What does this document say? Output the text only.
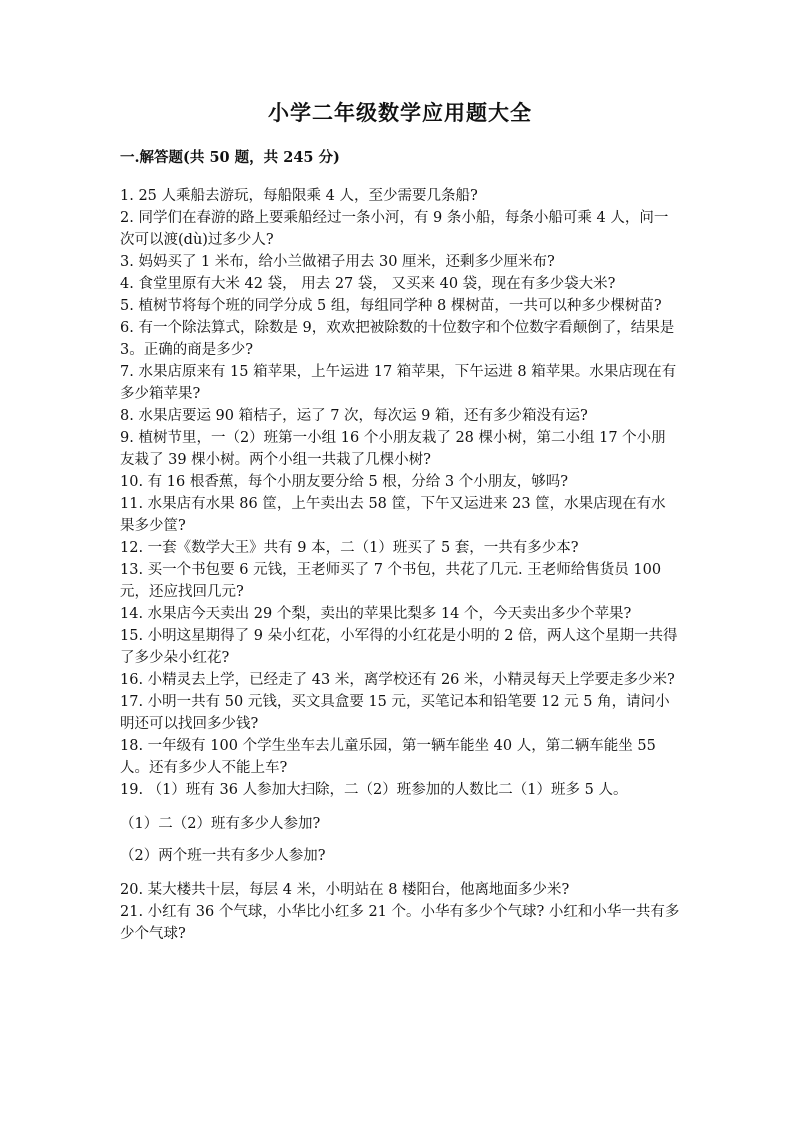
小学二年级数学应用题大全
一.解答题(共 50 题，共 245 分)

1. 25 人乘船去游玩，每船限乘 4 人，至少需要几条船?

2. 同学们在春游的路上要乘船经过一条小河，有 9 条小船，每条小船可乘 4 人，问一次可以渡(dù)过多少人?

3. 妈妈买了 1 米布，给小兰做裙子用去 30 厘米，还剩多少厘米布?

4. 食堂里原有大米 42 袋， 用去 27 袋， 又买来 40 袋，现在有多少袋大米?

5. 植树节将每个班的同学分成 5 组，每组同学种 8 棵树苗，一共可以种多少棵树苗?

6. 有一个除法算式，除数是 9，欢欢把被除数的十位数字和个位数字看颠倒了，结果是 3。正确的商是多少?

7. 水果店原来有 15 箱苹果，上午运进 17 箱苹果，下午运进 8 箱苹果。水果店现在有多少箱苹果?

8. 水果店要运 90 箱桔子，运了 7 次，每次运 9 箱，还有多少箱没有运?

9. 植树节里，一（2）班第一小组 16 个小朋友栽了 28 棵小树，第二小组 17 个小朋友栽了 39 棵小树。两个小组一共栽了几棵小树?

10. 有 16 根香蕉，每个小朋友要分给 5 根，分给 3 个小朋友，够吗?

11. 水果店有水果 86 筐，上午卖出去 58 筐，下午又运进来 23 筐，水果店现在有水果多少筐?

12. 一套《数学大王》共有 9 本，二（1）班买了 5 套，一共有多少本?

13. 买一个书包要 6 元钱，王老师买了 7 个书包，共花了几元. 王老师给售货员 100 元，还应找回几元?

14. 水果店今天卖出 29 个梨，卖出的苹果比梨多 14 个，今天卖出多少个苹果?

15. 小明这星期得了 9 朵小红花，小军得的小红花是小明的 2 倍，两人这个星期一共得了多少朵小红花?

16. 小精灵去上学，已经走了 43 米，离学校还有 26 米，小精灵每天上学要走多少米?

17. 小明一共有 50 元钱，买文具盒要 15 元，买笔记本和铅笔要 12 元 5 角，请问小明还可以找回多少钱?

18. 一年级有 100 个学生坐车去儿童乐园，第一辆车能坐 40 人，第二辆车能坐 55 人。还有多少人不能上车?

19. （1）班有 36 人参加大扫除，二（2）班参加的人数比二（1）班多 5 人。

（1）二（2）班有多少人参加?

（2）两个班一共有多少人参加?

20. 某大楼共十层，每层 4 米，小明站在 8 楼阳台，他离地面多少米?

21. 小红有 36 个气球，小华比小红多 21 个。小华有多少个气球? 小红和小华一共有多少个气球?
